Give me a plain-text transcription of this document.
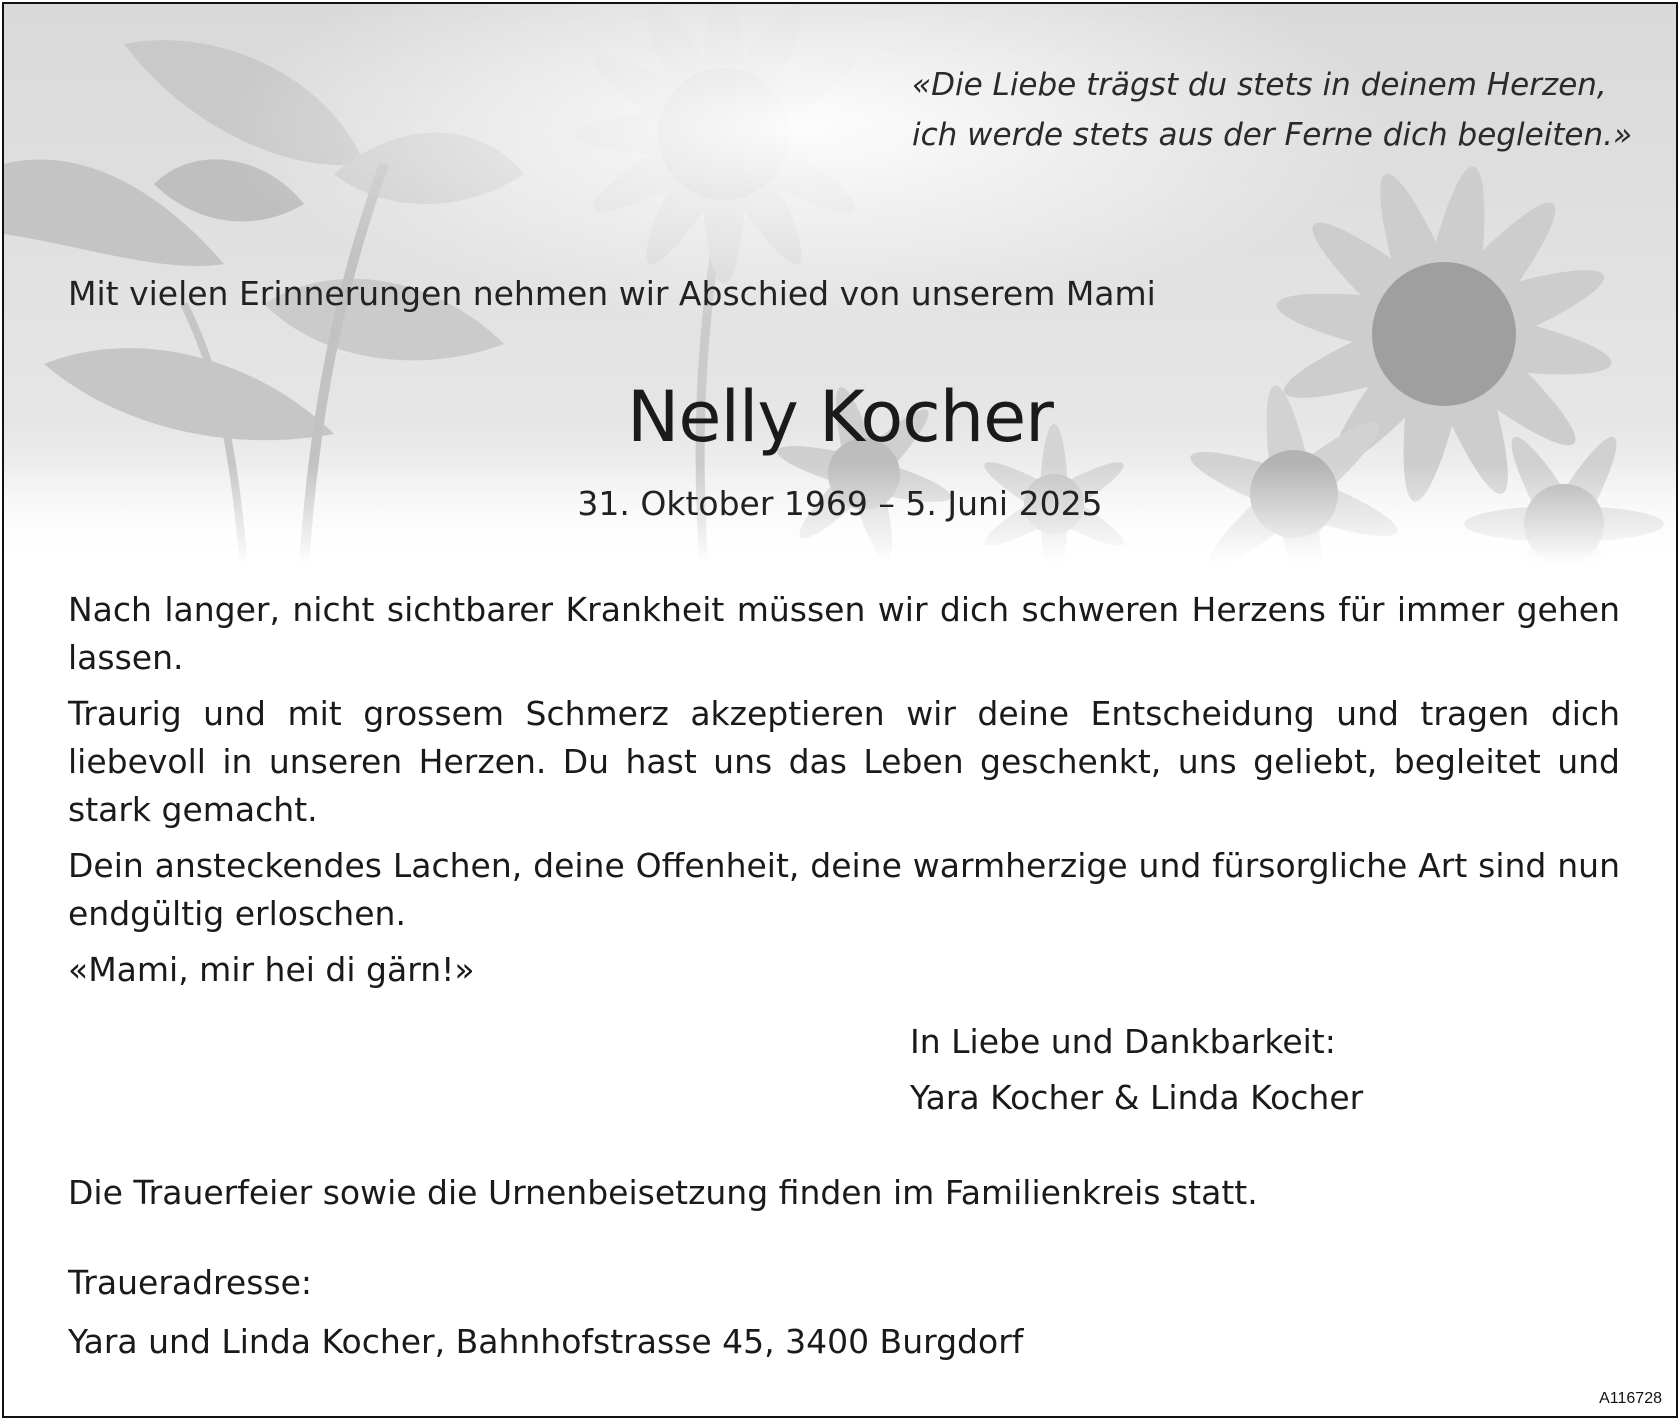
«Die Liebe trägst du stets in deinem Herzen,
ich werde stets aus der Ferne dich begleiten.»
Mit vielen Erinnerungen nehmen wir Abschied von unserem Mami
Nelly Kocher
31. Oktober 1969 – 5. Juni 2025

Nach langer, nicht sichtbarer Krankheit müssen wir dich schweren Herzens für immer gehen lassen.

Traurig und mit grossem Schmerz akzeptieren wir deine Entscheidung und tragen dich liebevoll in unseren Herzen. Du hast uns das Leben geschenkt, uns geliebt, begleitet und stark gemacht.

Dein ansteckendes Lachen, deine Offenheit, deine warmherzige und fürsorgliche Art sind nun endgültig erloschen.

«Mami, mir hei di gärn!»

In Liebe und Dankbarkeit:
Yara Kocher & Linda Kocher
Die Trauerfeier sowie die Urnenbeisetzung finden im Familienkreis statt.
Traueradresse:
Yara und Linda Kocher, Bahnhofstrasse 45, 3400 Burgdorf
A116728
